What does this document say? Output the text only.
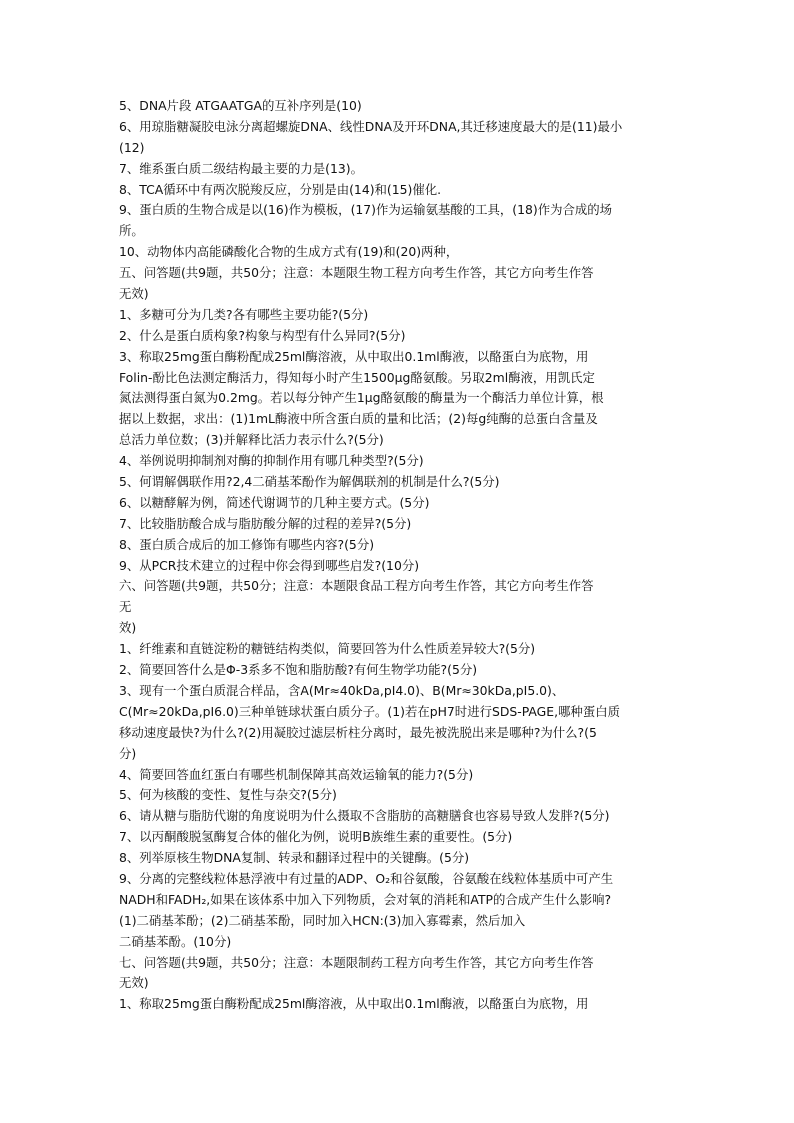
5、DNA片段 ATGAATGA的互补序列是(10)
6、用琼脂糖凝胶电泳分离超螺旋DNA、线性DNA及开环DNA,其迁移速度最大的是(11)最小
(12)
7、维系蛋白质二级结构最主要的力是(13)。
8、TCA循环中有两次脱羧反应，分别是由(14)和(15)催化.
9、蛋白质的生物合成是以(16)作为模板，(17)作为运输氨基酸的工具，(18)作为合成的场
所。
10、动物体内高能磷酸化合物的生成方式有(19)和(20)两种，
五、问答题(共9题，共50分；注意：本题限生物工程方向考生作答，其它方向考生作答
无效)
1、多糖可分为几类?各有哪些主要功能?(5分)
2、什么是蛋白质构象?构象与构型有什么异同?(5分)
3、称取25mg蛋白酶粉配成25ml酶溶液，从中取出0.1ml酶液，以酪蛋白为底物，用
Folin-酚比色法测定酶活力，得知每小时产生1500μg酪氨酸。另取2ml酶液，用凯氏定
氮法测得蛋白氮为0.2mg。若以每分钟产生1μg酪氨酸的酶量为一个酶活力单位计算，根
据以上数据，求出：(1)1mL酶液中所含蛋白质的量和比活；(2)每g纯酶的总蛋白含量及
总活力单位数；(3)并解释比活力表示什么?(5分)
4、举例说明抑制剂对酶的抑制作用有哪几种类型?(5分)
5、何谓解偶联作用?2,4二硝基苯酚作为解偶联剂的机制是什么?(5分)
6、以糖酵解为例，简述代谢调节的几种主要方式。(5分)
7、比较脂肪酸合成与脂肪酸分解的过程的差异?(5分)
8、蛋白质合成后的加工修饰有哪些内容?(5分)
9、从PCR技术建立的过程中你会得到哪些启发?(10分)
六、问答题(共9题，共50分；注意：本题限食品工程方向考生作答，其它方向考生作答
无
效)
1、纤维素和直链淀粉的糖链结构类似，简要回答为什么性质差异较大?(5分)
2、简要回答什么是Φ-3系多不饱和脂肪酸?有何生物学功能?(5分)
3、现有一个蛋白质混合样品，含A(Mr≈40kDa,pI4.0)、B(Mr≈30kDa,pI5.0)、
C(Mr≈20kDa,pI6.0)三种单链球状蛋白质分子。(1)若在pH7时进行SDS-PAGE,哪种蛋白质
移动速度最快?为什么?(2)用凝胶过滤层析柱分离时，最先被洗脱出来是哪种?为什么?(5
分)
4、简要回答血红蛋白有哪些机制保障其高效运输氧的能力?(5分)
5、何为核酸的变性、复性与杂交?(5分)
6、请从糖与脂肪代谢的角度说明为什么摄取不含脂肪的高糖膳食也容易导致人发胖?(5分)
7、以丙酮酸脱氢酶复合体的催化为例，说明B族维生素的重要性。(5分)
8、列举原核生物DNA复制、转录和翻译过程中的关键酶。(5分)
9、分离的完整线粒体悬浮液中有过量的ADP、O₂和谷氨酸，谷氨酸在线粒体基质中可产生
NADH和FADH₂,如果在该体系中加入下列物质，会对氧的消耗和ATP的合成产生什么影响?
(1)二硝基苯酚；(2)二硝基苯酚，同时加入HCN:(3)加入寡霉素，然后加入
二硝基苯酚。(10分)
七、问答题(共9题，共50分；注意：本题限制药工程方向考生作答，其它方向考生作答
无效)
1、称取25mg蛋白酶粉配成25ml酶溶液，从中取出0.1ml酶液，以酪蛋白为底物，用
